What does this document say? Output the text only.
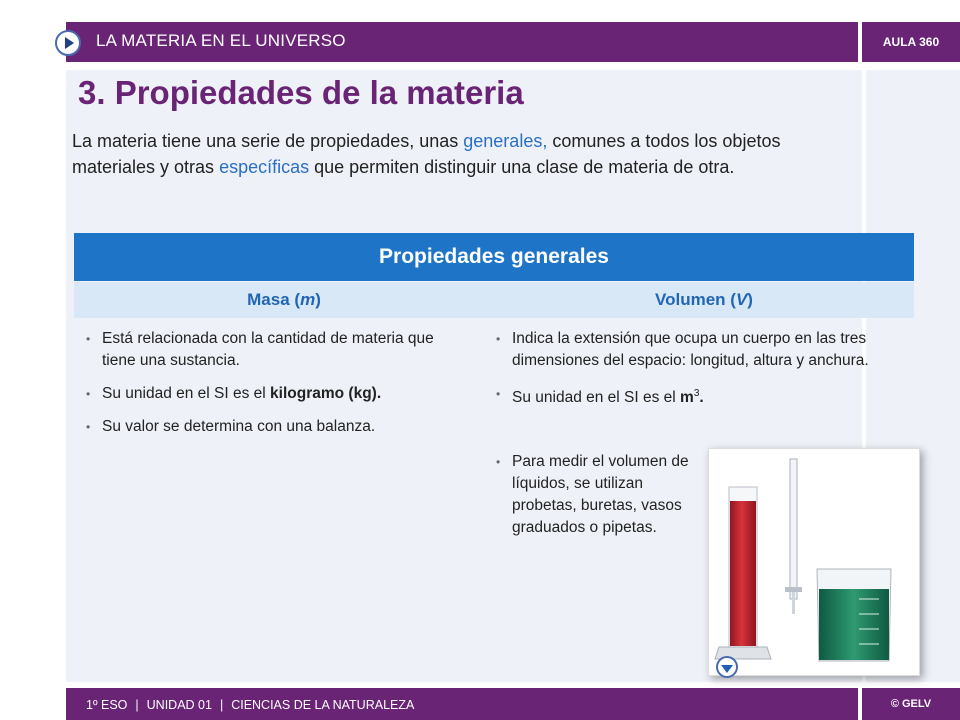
LA MATERIA EN EL UNIVERSO	AULA 360
3. Propiedades de la materia

La materia tiene una serie de propiedades, unas generales, comunes a todos los objetos materiales y otras específicas que permiten distinguir una clase de materia de otra.

Propiedades generales
Masa ( m )	Volumen ( V )
• Está relacionada con la cantidad de materia que tiene una sustancia.
• Su unidad en el SI es el kilogramo (kg).
• Su valor se determina con una balanza.
• Indica la extensión que ocupa un cuerpo en las tres dimensiones del espacio: longitud, altura y anchura.
• Su unidad en el SI es el $m^3$.
• Para medir el volumen de líquidos, se utilizan probetas, buretas, vasos graduados o pipetas.
1º ESO | UNIDAD 01 | CIENCIAS DE LA NATURALEZA	© GELV
